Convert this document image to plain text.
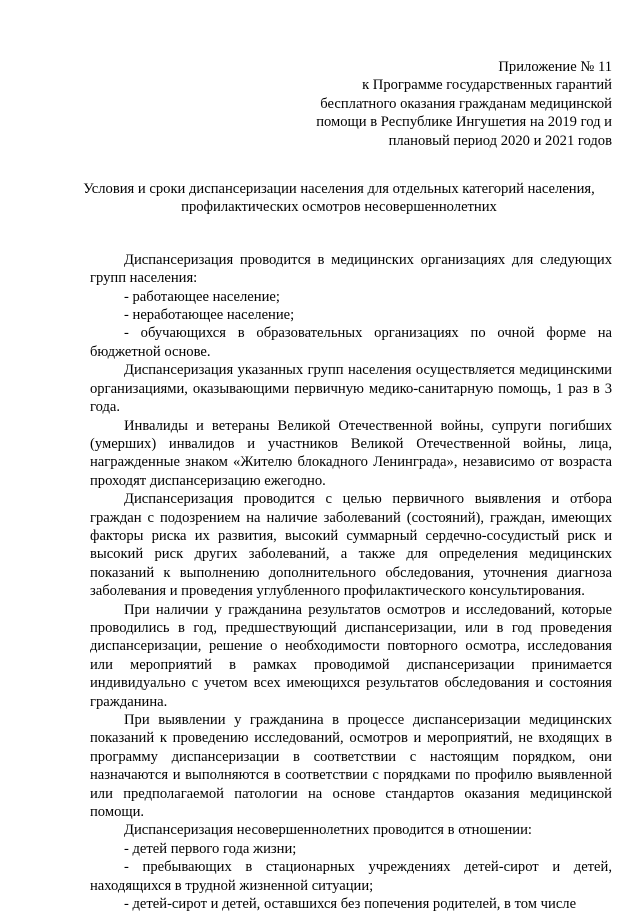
Приложение № 11
к Программе государственных гарантий
бесплатного оказания гражданам медицинской
помощи в Республике Ингушетия на 2019 год и
плановый период 2020 и 2021 годов
Условия и сроки диспансеризации населения для отдельных категорий населения,
профилактических осмотров несовершеннолетних

Диспансеризация проводится в медицинских организациях для следующих групп населения:

- работающее население;

- неработающее население;

- обучающихся в образовательных организациях по очной форме на бюджетной основе.

Диспансеризация указанных групп населения осуществляется медицинскими организациями, оказывающими первичную медико-санитарную помощь, 1 раз в 3 года.

Инвалиды и ветераны Великой Отечественной войны, супруги погибших (умерших) инвалидов и участников Великой Отечественной войны, лица, награжденные знаком «Жителю блокадного Ленинграда», независимо от возраста проходят диспансеризацию ежегодно.

Диспансеризация проводится с целью первичного выявления и отбора граждан с подозрением на наличие заболеваний (состояний), граждан, имеющих факторы риска их развития, высокий суммарный сердечно-сосудистый риск и высокий риск других заболеваний, а также для определения медицинских показаний к выполнению дополнительного обследования, уточнения диагноза заболевания и проведения углубленного профилактического консультирования.

При наличии у гражданина результатов осмотров и исследований, которые проводились в год, предшествующий диспансеризации, или в год проведения диспансеризации, решение о необходимости повторного осмотра, исследования или мероприятий в рамках проводимой диспансеризации принимается индивидуально с учетом всех имеющихся результатов обследования и состояния гражданина.

При выявлении у гражданина в процессе диспансеризации медицинских показаний к проведению исследований, осмотров и мероприятий, не входящих в программу диспансеризации в соответствии с настоящим порядком, они назначаются и выполняются в соответствии с порядками по профилю выявленной или предполагаемой патологии на основе стандартов оказания медицинской помощи.

Диспансеризация несовершеннолетних проводится в отношении:

- детей первого года жизни;

- пребывающих в стационарных учреждениях детей-сирот и детей, находящихся в трудной жизненной ситуации;

- детей-сирот и детей, оставшихся без попечения родителей, в том числе
